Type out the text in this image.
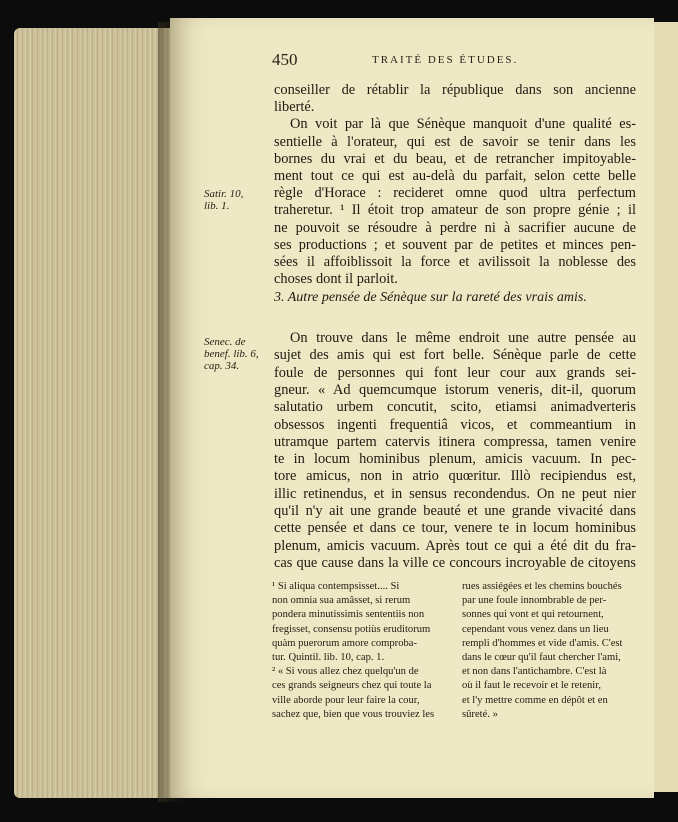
450	TRAITÉ DES ÉTUDES.
conseiller de rétablir la république dans son ancienne
liberté.
On voit par là que Sénèque manquoit d'une qualité es-
sentielle à l'orateur, qui est de savoir se tenir dans les
bornes du vrai et du beau, et de retrancher impitoyable-
ment tout ce qui est au-delà du parfait, selon cette belle
règle d'Horace : recideret omne quod ultra perfectum
traheretur. ¹ Il étoit trop amateur de son propre génie ; il
ne pouvoit se résoudre à perdre ni à sacrifier aucune de
ses productions ; et souvent par de petites et minces pen-
sées il affoiblissoit la force et avilissoit la noblesse des
choses dont il parloit.
Satir. 10,
lib. 1.
3. Autre pensée de Sénèque sur la rareté des vrais amis.
Senec. de
benef. lib. 6,
cap. 34.
On trouve dans le même endroit une autre pensée au
sujet des amis qui est fort belle. Sénèque parle de cette
foule de personnes qui font leur cour aux grands sei-
gneur. « Ad quemcumque istorum veneris, dit-il, quorum
salutatio urbem concutit, scito, etiamsi animadverteris
obsessos ingenti frequentiâ vicos, et commeantium in
utramque partem catervis itinera compressa, tamen venire
te in locum hominibus plenum, amicis vacuum. In pec-
tore amicus, non in atrio quœritur. Illò recipiendus est,
illic retinendus, et in sensus recondendus. On ne peut nier
qu'il n'y ait une grande beauté et une grande vivacité dans
cette pensée et dans ce tour, venere te in locum hominibus
plenum, amicis vacuum. Après tout ce qui a été dit du fra-
cas que cause dans la ville ce concours incroyable de citoyens
¹ Si aliqua contempsisset.... Si
non omnia sua amâsset, si rerum
pondera minutissimis sententiis non
fregisset, consensu potiùs eruditorum
quàm puerorum amore comproba-
tur. Quintil. lib. 10, cap. 1.
² « Si vous allez chez quelqu'un de
ces grands seigneurs chez qui toute la
ville aborde pour leur faire la cour,
sachez que, bien que vous trouviez les
rues assiégées et les chemins bouchés
par une foule innombrable de per-
sonnes qui vont et qui retournent,
cependant vous venez dans un lieu
rempli d'hommes et vide d'amis. C'est
dans le cœur qu'il faut chercher l'ami,
et non dans l'antichambre. C'est là
où il faut le recevoir et le retenir,
et l'y mettre comme en dépôt et en
sûreté. »
